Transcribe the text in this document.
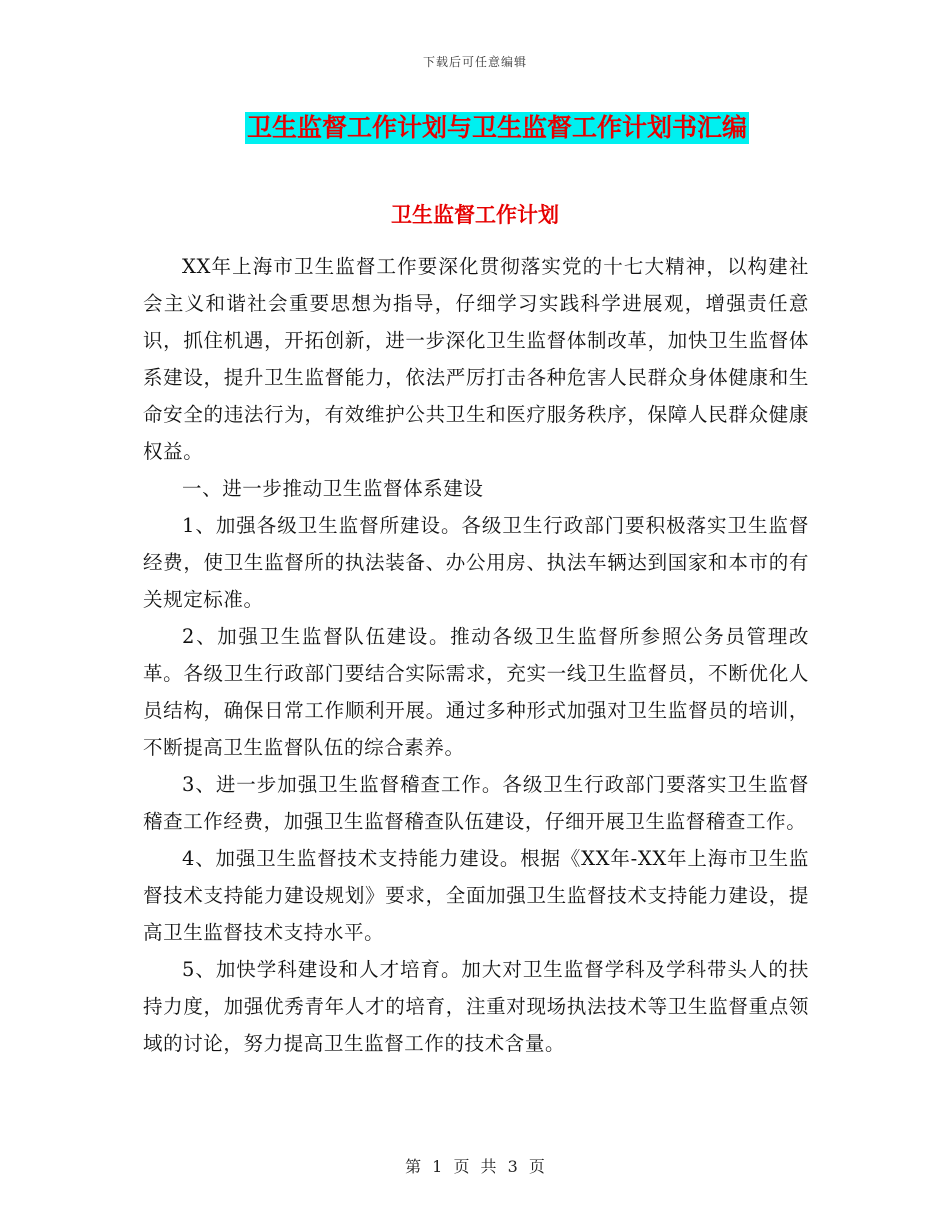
下载后可任意编辑
卫生监督工作计划与卫生监督工作计划书汇编
卫生监督工作计划

XX年上海市卫生监督工作要深化贯彻落实党的十七大精神，以构建社会主义和谐社会重要思想为指导，仔细学习实践科学进展观，增强责任意识，抓住机遇，开拓创新，进一步深化卫生监督体制改革，加快卫生监督体系建设，提升卫生监督能力，依法严厉打击各种危害人民群众身体健康和生命安全的违法行为，有效维护公共卫生和医疗服务秩序，保障人民群众健康权益。

一、进一步推动卫生监督体系建设

1、加强各级卫生监督所建设。各级卫生行政部门要积极落实卫生监督经费，使卫生监督所的执法装备、办公用房、执法车辆达到国家和本市的有关规定标准。

2、加强卫生监督队伍建设。推动各级卫生监督所参照公务员管理改革。各级卫生行政部门要结合实际需求，充实一线卫生监督员，不断优化人员结构，确保日常工作顺利开展。通过多种形式加强对卫生监督员的培训，不断提高卫生监督队伍的综合素养。

3、进一步加强卫生监督稽查工作。各级卫生行政部门要落实卫生监督稽查工作经费，加强卫生监督稽查队伍建设，仔细开展卫生监督稽查工作。

4、加强卫生监督技术支持能力建设。根据《XX年-XX年上海市卫生监督技术支持能力建设规划》要求，全面加强卫生监督技术支持能力建设，提高卫生监督技术支持水平。

5、加快学科建设和人才培育。加大对卫生监督学科及学科带头人的扶持力度，加强优秀青年人才的培育，注重对现场执法技术等卫生监督重点领域的讨论，努力提高卫生监督工作的技术含量。

第 1 页 共 3 页
